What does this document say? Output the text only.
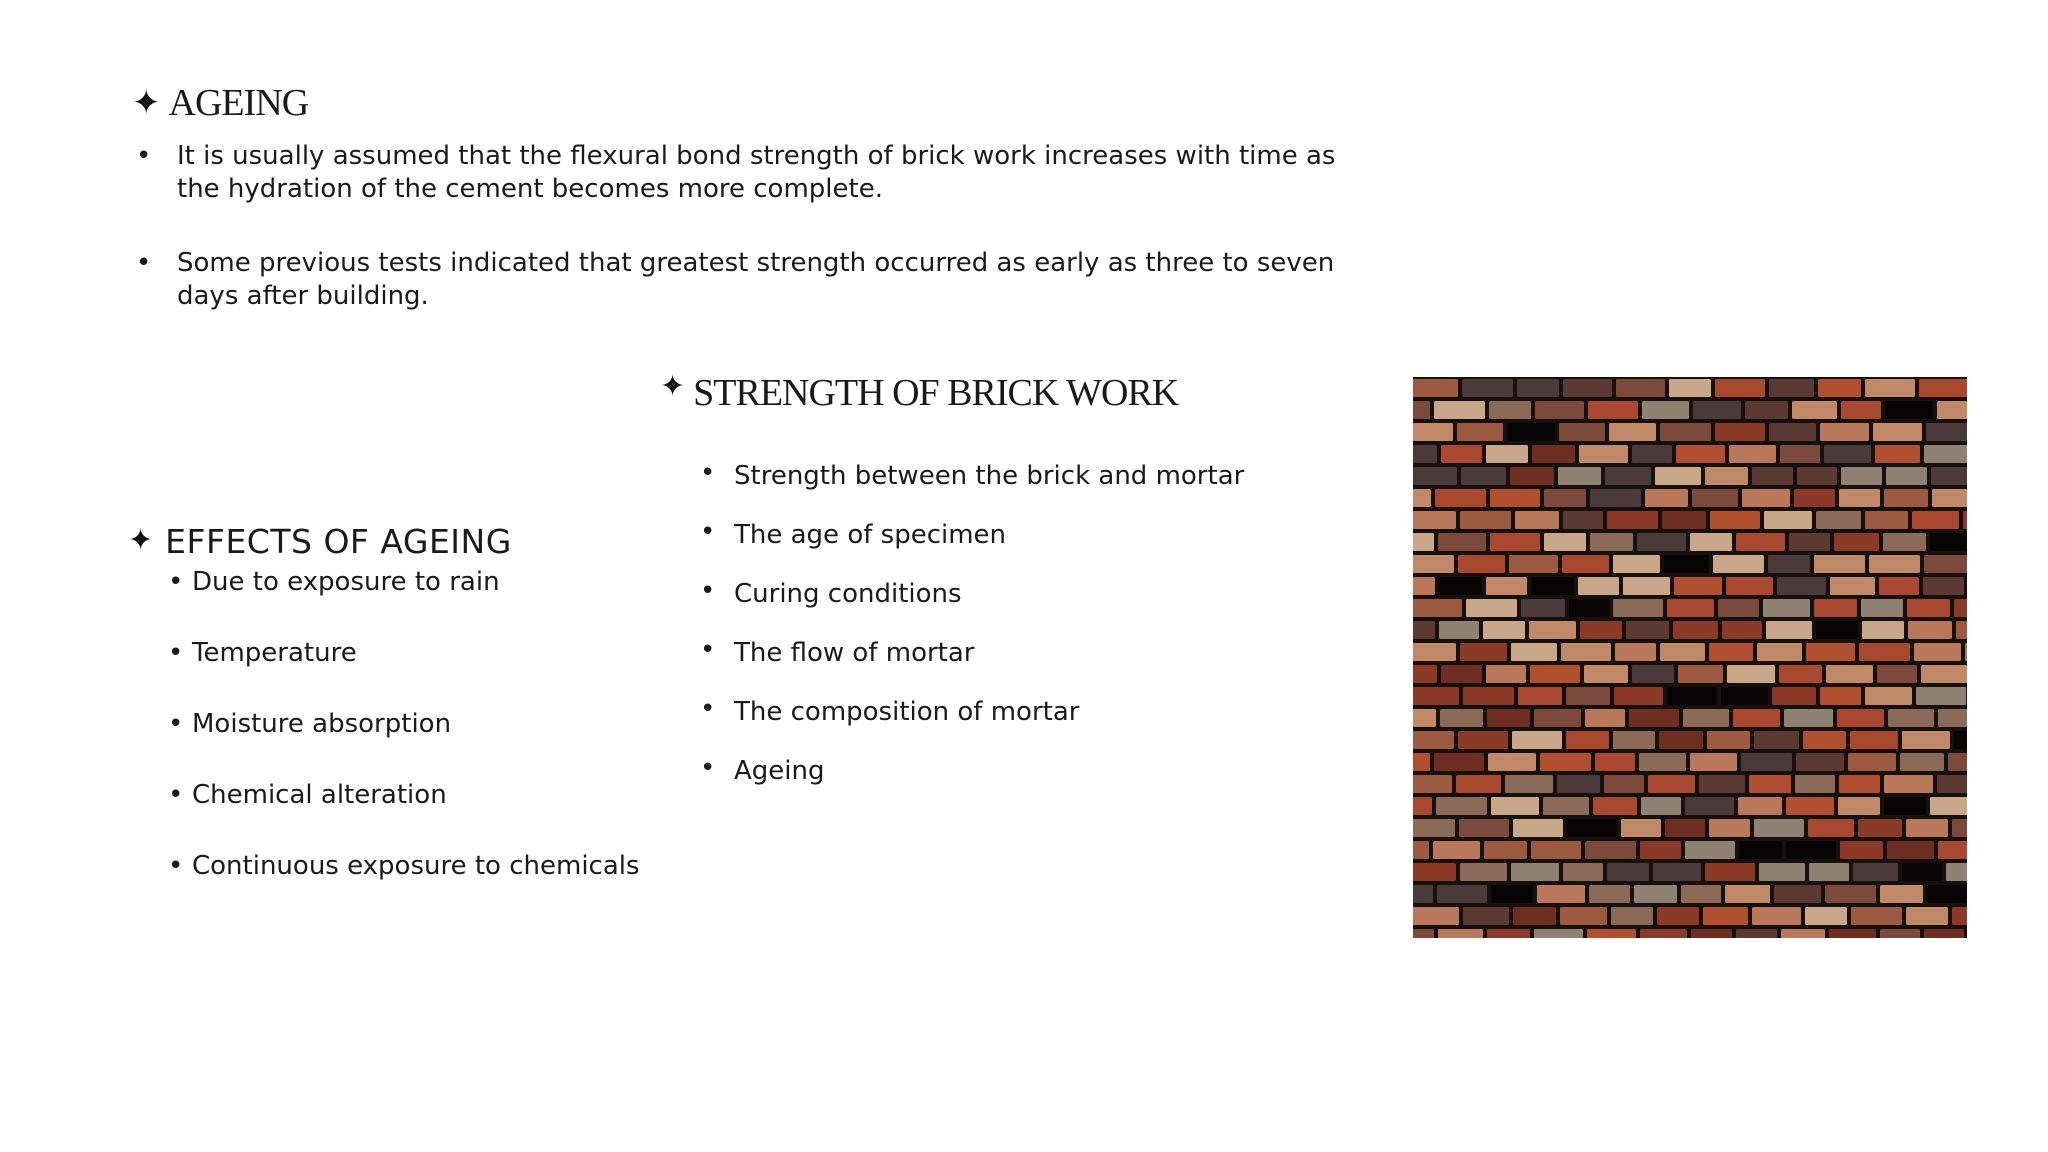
✦ AGEING
• It is usually assumed that the flexural bond strength of brick work increases with time as the hydration of the cement becomes more complete.
• Some previous tests indicated that greatest strength occurred as early as three to seven days after building.
✦ STRENGTH OF BRICK WORK
• Strength between the brick and mortar
• The age of specimen
• Curing conditions
• The flow of mortar
• The composition of mortar
• Ageing
✦ EFFECTS OF AGEING
• Due to exposure to rain
• Temperature
• Moisture absorption
• Chemical alteration
• Continuous exposure to chemicals
